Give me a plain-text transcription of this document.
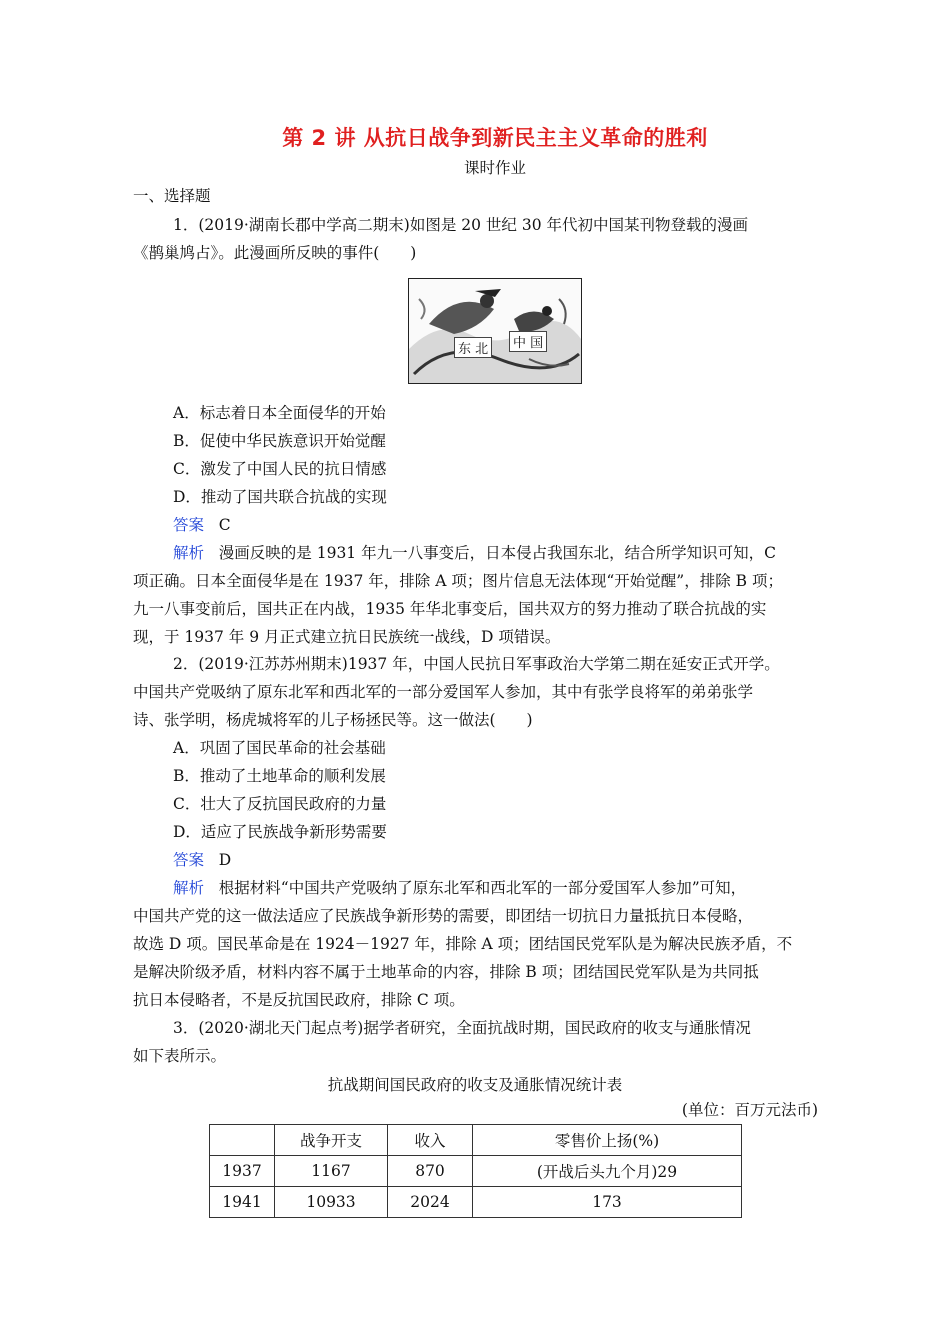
第 2 讲 从抗日战争到新民主主义革命的胜利
课时作业
一、选择题
1．(2019·湖南长郡中学高二期末)如图是 20 世纪 30 年代初中国某刊物登载的漫画
《鹊巢鸠占》。此漫画所反映的事件(　　)
东 北	中 国
A．标志着日本全面侵华的开始
B．促使中华民族意识开始觉醒
C．激发了中国人民的抗日情感
D．推动了国共联合抗战的实现
答案 C
解析 漫画反映的是 1931 年九一八事变后，日本侵占我国东北，结合所学知识可知，C
项正确。日本全面侵华是在 1937 年，排除 A 项；图片信息无法体现“开始觉醒”，排除 B 项；
九一八事变前后，国共正在内战，1935 年华北事变后，国共双方的努力推动了联合抗战的实
现，于 1937 年 9 月正式建立抗日民族统一战线，D 项错误。
2．(2019·江苏苏州期末)1937 年，中国人民抗日军事政治大学第二期在延安正式开学。
中国共产党吸纳了原东北军和西北军的一部分爱国军人参加，其中有张学良将军的弟弟张学
诗、张学明，杨虎城将军的儿子杨拯民等。这一做法(　　)
A．巩固了国民革命的社会基础
B．推动了土地革命的顺利发展
C．壮大了反抗国民政府的力量
D．适应了民族战争新形势需要
答案 D
解析 根据材料“中国共产党吸纳了原东北军和西北军的一部分爱国军人参加”可知，
中国共产党的这一做法适应了民族战争新形势的需要，即团结一切抗日力量抵抗日本侵略，
故选 D 项。国民革命是在 1924－1927 年，排除 A 项；团结国民党军队是为解决民族矛盾，不
是解决阶级矛盾，材料内容不属于土地革命的内容，排除 B 项；团结国民党军队是为共同抵
抗日本侵略者，不是反抗国民政府，排除 C 项。
3．(2020·湖北天门起点考)据学者研究，全面抗战时期，国民政府的收支与通胀情况
如下表所示。
抗战期间国民政府的收支及通胀情况统计表
(单位：百万元法币)
	战争开支	收入	零售价上扬(%)
1937	1167	870	(开战后头九个月)29
1941	10933	2024	173
